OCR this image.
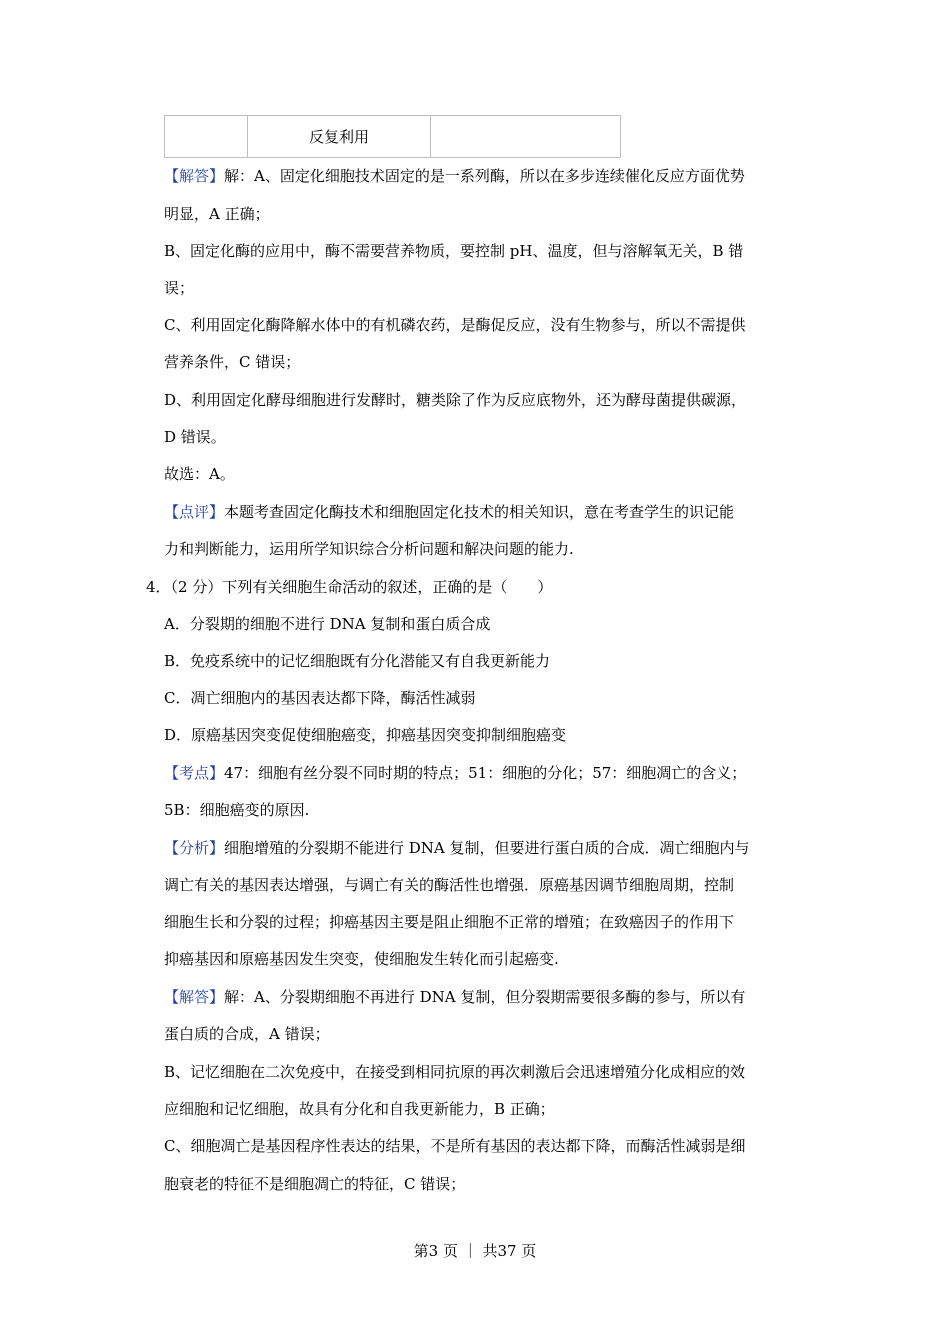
	反复利用	
【解答】解：A、固定化细胞技术固定的是一系列酶，所以在多步连续催化反应方面优势
明显，A 正确；
B、固定化酶的应用中，酶不需要营养物质，要控制 pH、温度，但与溶解氧无关，B 错
误；
C、利用固定化酶降解水体中的有机磷农药，是酶促反应，没有生物参与，所以不需提供
营养条件，C 错误；
D、利用固定化酵母细胞进行发酵时，糖类除了作为反应底物外，还为酵母菌提供碳源，
D 错误。
故选：A。
【点评】本题考查固定化酶技术和细胞固定化技术的相关知识，意在考查学生的识记能
力和判断能力，运用所学知识综合分析问题和解决问题的能力.
4．（2 分）下列有关细胞生命活动的叙述，正确的是（　　）
A．分裂期的细胞不进行 DNA 复制和蛋白质合成
B．免疫系统中的记忆细胞既有分化潜能又有自我更新能力
C．凋亡细胞内的基因表达都下降，酶活性减弱
D．原癌基因突变促使细胞癌变，抑癌基因突变抑制细胞癌变
【考点】47：细胞有丝分裂不同时期的特点；51：细胞的分化；57：细胞凋亡的含义；
5B：细胞癌变的原因.
【分析】细胞增殖的分裂期不能进行 DNA 复制，但要进行蛋白质的合成．凋亡细胞内与
调亡有关的基因表达增强，与调亡有关的酶活性也增强．原癌基因调节细胞周期，控制
细胞生长和分裂的过程；抑癌基因主要是阻止细胞不正常的增殖；在致癌因子的作用下
抑癌基因和原癌基因发生突变，使细胞发生转化而引起癌变.
【解答】解：A、分裂期细胞不再进行 DNA 复制，但分裂期需要很多酶的参与，所以有
蛋白质的合成，A 错误；
B、记忆细胞在二次免疫中，在接受到相同抗原的再次刺激后会迅速增殖分化成相应的效
应细胞和记忆细胞，故具有分化和自我更新能力，B 正确；
C、细胞凋亡是基因程序性表达的结果，不是所有基因的表达都下降，而酶活性减弱是细
胞衰老的特征不是细胞凋亡的特征，C 错误；
第3 页 ｜ 共37 页
